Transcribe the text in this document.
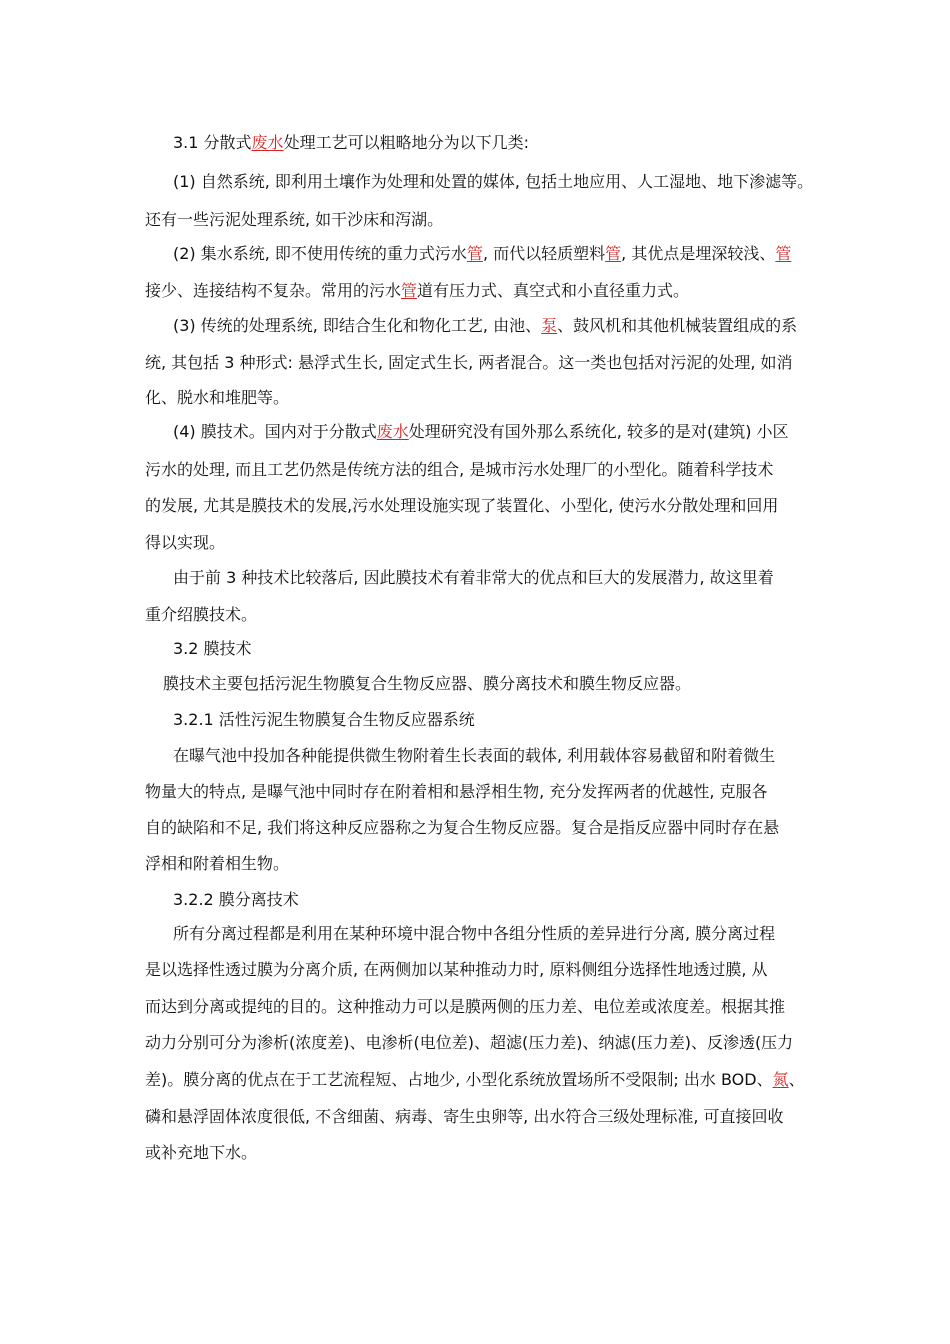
3.1 分散式废水处理工艺可以粗略地分为以下几类:
(1) 自然系统, 即利用土壤作为处理和处置的媒体, 包括土地应用、人工湿地、地下渗滤等。
还有一些污泥处理系统, 如干沙床和泻湖。
(2) 集水系统, 即不使用传统的重力式污水管, 而代以轻质塑料管, 其优点是埋深较浅、管
接少、连接结构不复杂。常用的污水管道有压力式、真空式和小直径重力式。
(3) 传统的处理系统, 即结合生化和物化工艺, 由池、泵、鼓风机和其他机械装置组成的系
统, 其包括 3 种形式: 悬浮式生长, 固定式生长, 两者混合。这一类也包括对污泥的处理, 如消
化、脱水和堆肥等。
(4) 膜技术。国内对于分散式废水处理研究没有国外那么系统化, 较多的是对(建筑) 小区
污水的处理, 而且工艺仍然是传统方法的组合, 是城市污水处理厂的小型化。随着科学技术
的发展, 尤其是膜技术的发展,污水处理设施实现了装置化、小型化, 使污水分散处理和回用
得以实现。
由于前 3 种技术比较落后, 因此膜技术有着非常大的优点和巨大的发展潜力, 故这里着
重介绍膜技术。
3.2 膜技术
膜技术主要包括污泥生物膜复合生物反应器、膜分离技术和膜生物反应器。
3.2.1 活性污泥生物膜复合生物反应器系统
在曝气池中投加各种能提供微生物附着生长表面的载体, 利用载体容易截留和附着微生
物量大的特点, 是曝气池中同时存在附着相和悬浮相生物, 充分发挥两者的优越性, 克服各
自的缺陷和不足, 我们将这种反应器称之为复合生物反应器。复合是指反应器中同时存在悬
浮相和附着相生物。
3.2.2 膜分离技术
所有分离过程都是利用在某种环境中混合物中各组分性质的差异进行分离, 膜分离过程
是以选择性透过膜为分离介质, 在两侧加以某种推动力时, 原料侧组分选择性地透过膜, 从
而达到分离或提纯的目的。这种推动力可以是膜两侧的压力差、电位差或浓度差。根据其推
动力分别可分为渗析(浓度差)、电渗析(电位差)、超滤(压力差)、纳滤(压力差)、反渗透(压力
差)。膜分离的优点在于工艺流程短、占地少, 小型化系统放置场所不受限制; 出水 BOD、氮、
磷和悬浮固体浓度很低, 不含细菌、病毒、寄生虫卵等, 出水符合三级处理标准, 可直接回收
或补充地下水。
